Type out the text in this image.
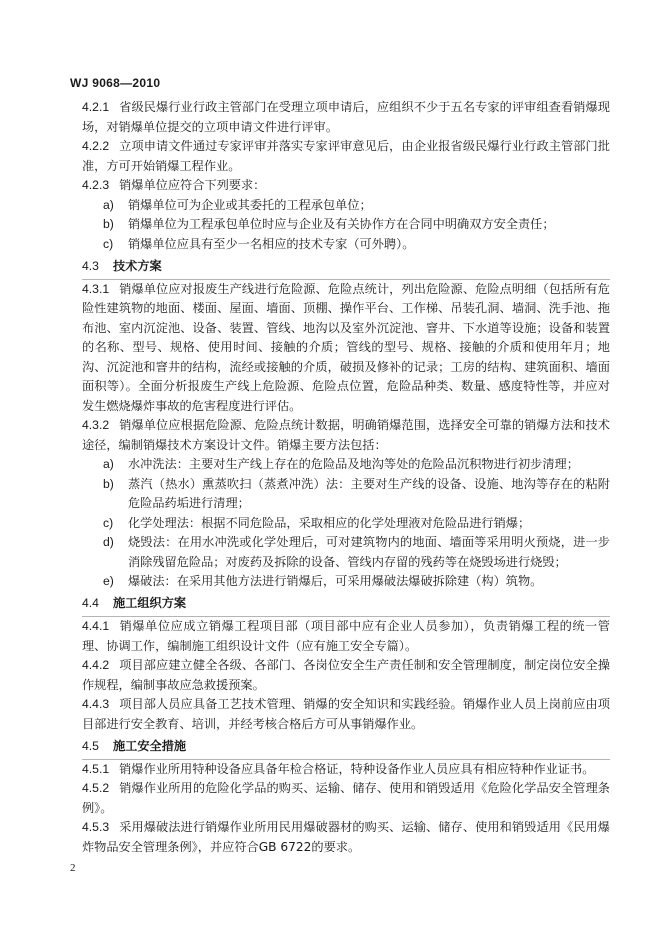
WJ 9068—2010

4.2.1 省级民爆行业行政主管部门在受理立项申请后，应组织不少于五名专家的评审组查看销爆现场，对销爆单位提交的立项申请文件进行评审。

4.2.2 立项申请文件通过专家评审并落实专家评审意见后，由企业报省级民爆行业行政主管部门批准，方可开始销爆工程作业。

4.2.3 销爆单位应符合下列要求：

a) 销爆单位可为企业或其委托的工程承包单位；

b) 销爆单位为工程承包单位时应与企业及有关协作方在合同中明确双方安全责任；

c) 销爆单位应具有至少一名相应的技术专家（可外聘）。

4.3 技术方案

4.3.1 销爆单位应对报废生产线进行危险源、危险点统计，列出危险源、危险点明细（包括所有危险性建筑物的地面、楼面、屋面、墙面、顶棚、操作平台、工作梯、吊装孔洞、墙洞、洗手池、拖布池、室内沉淀池、设备、装置、管线、地沟以及室外沉淀池、窨井、下水道等设施；设备和装置的名称、型号、规格、使用时间、接触的介质；管线的型号、规格、接触的介质和使用年月；地沟、沉淀池和窨井的结构，流经或接触的介质，破损及修补的记录；工房的结构、建筑面积、墙面面积等）。全面分析报废生产线上危险源、危险点位置，危险品种类、数量、感度特性等，并应对发生燃烧爆炸事故的危害程度进行评估。

4.3.2 销爆单位应根据危险源、危险点统计数据，明确销爆范围，选择安全可靠的销爆方法和技术途径，编制销爆技术方案设计文件。销爆主要方法包括：

a) 水冲洗法：主要对生产线上存在的危险品及地沟等处的危险品沉积物进行初步清理；

b) 蒸汽（热水）熏蒸吹扫（蒸煮冲洗）法：主要对生产线的设备、设施、地沟等存在的粘附危险品药垢进行清理；

c) 化学处理法：根据不同危险品，采取相应的化学处理液对危险品进行销爆；

d) 烧毁法：在用水冲洗或化学处理后，可对建筑物内的地面、墙面等采用明火预烧，进一步消除残留危险品；对废药及拆除的设备、管线内存留的残药等在烧毁场进行烧毁；

e) 爆破法：在采用其他方法进行销爆后，可采用爆破法爆破拆除建（构）筑物。

4.4 施工组织方案

4.4.1 销爆单位应成立销爆工程项目部（项目部中应有企业人员参加），负责销爆工程的统一管理、协调工作，编制施工组织设计文件（应有施工安全专篇）。

4.4.2 项目部应建立健全各级、各部门、各岗位安全生产责任制和安全管理制度，制定岗位安全操作规程，编制事故应急救援预案。

4.4.3 项目部人员应具备工艺技术管理、销爆的安全知识和实践经验。销爆作业人员上岗前应由项目部进行安全教育、培训，并经考核合格后方可从事销爆作业。

4.5 施工安全措施

4.5.1 销爆作业所用特种设备应具备年检合格证，特种设备作业人员应具有相应特种作业证书。

4.5.2 销爆作业所用的危险化学品的购买、运输、储存、使用和销毁适用《危险化学品安全管理条例》。

4.5.3 采用爆破法进行销爆作业所用民用爆破器材的购买、运输、储存、使用和销毁适用《民用爆炸物品安全管理条例》，并应符合GB 6722的要求。

2
